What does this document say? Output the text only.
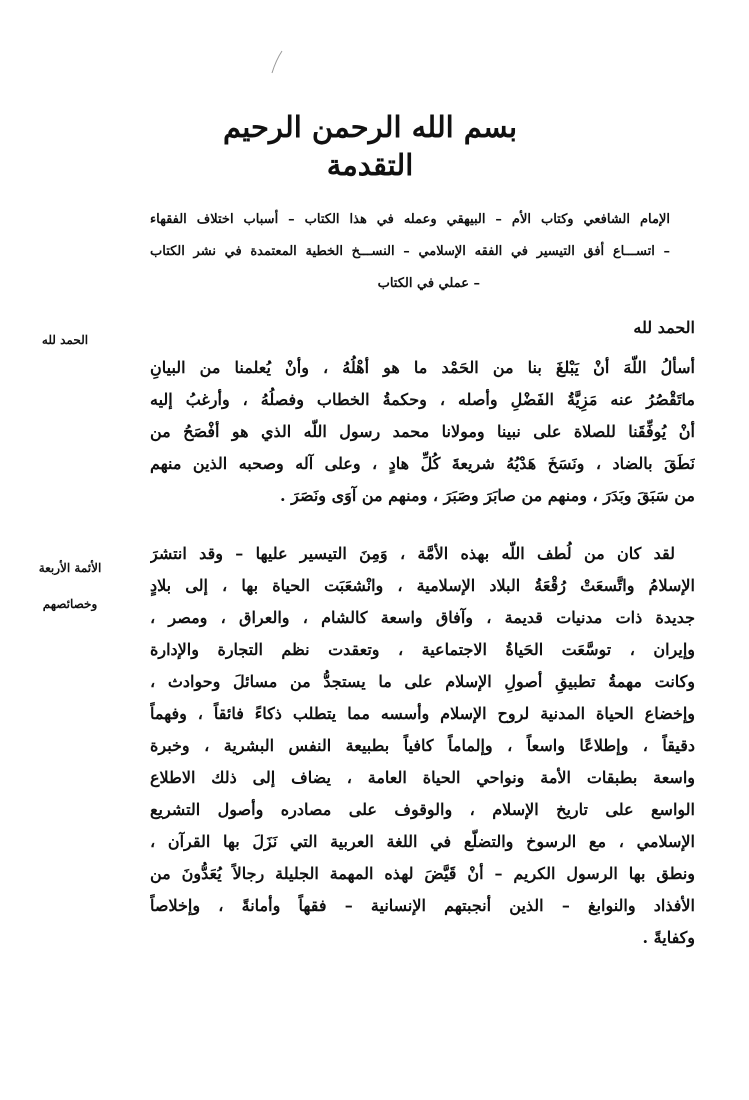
بسم الله الرحمن الرحيم
التقدمة
الإمام الشافعي وكتاب الأم – البيهقي وعمله في هذا الكتاب – أسباب اختلاف الفقهاء
– اتســـاع أفق التيسير في الفقه الإسلامي – النســـخ الخطية المعتمدة في نشر الكتاب
– عملي في الكتاب
الحمد لله
الأئمة الأربعة
وخصائصهم
الحمد لله
أسألُ اللّهَ أنْ يَبْلغَ بنا من الحَمْد ما هو أهْلُهُ ، وأنْ يُعلمنا من البيانِ
ماتَقْصُرُ عنه مَزِيَّةُ الفَضْلِ وأصله ، وحكمةُ الخطاب وفصلُهُ ، وأرغبُ إليه
أنْ يُوفِّقَنا للصلاة على نبينا ومولانا محمد رسول اللّه الذي هو أفْصَحُ من
نَطَقَ بالضاد ، ونَسَخَ هَدْيُهُ شريعةَ كُلِّ هادٍ ، وعلى آله وصحبه الذين منهم
من سَبَقَ وبَدَرَ ، ومنهم من صابَرَ وصَبَرَ ، ومنهم من آوَى ونَصَرَ .
لقد كان من لُطف اللّه بهذه الأمَّة ، وَمِنَ التيسير عليها – وقد انتشرَ
الإسلامُ واتَّسعَتْ رُقْعَةُ البلاد الإسلامية ، وانْشعَبَت الحياة بها ، إلى بلادٍ
جديدة ذات مدنيات قديمة ، وآفاق واسعة كالشام ، والعراق ، ومصر ،
وإيران ، توسَّعَت الحَياةُ الاجتماعية ، وتعقدت نظم التجارة والإدارة
وكانت مهمةُ تطبيقِ أصولِ الإسلام على ما يستجدُّ من مسائلَ وحوادث ،
وإخضاع الحياة المدنية لروح الإسلام وأسسه مما يتطلب ذكاءً فائقاً ، وفهماً
دقيقاً ، وإطلاعًا واسعاً ، وإلماماً كافياً بطبيعة النفس البشرية ، وخبرة
واسعة بطبقات الأمة ونواحي الحياة العامة ، يضاف إلى ذلك الاطلاع
الواسع على تاريخ الإسلام ، والوقوف على مصادره وأصول التشريع
الإسلامي ، مع الرسوخ والتضلّع في اللغة العربية التي نَزَلَ بها القرآن ،
ونطق بها الرسول الكريم – أنْ قَيَّضَ لهذه المهمة الجليلة رجالاً يُعَدُّونَ من
الأفذاد والنوابغ – الذين أنجبتهم الإنسانية – فقهاً وأمانةً ، وإخلاصاً
وكفايةً .
